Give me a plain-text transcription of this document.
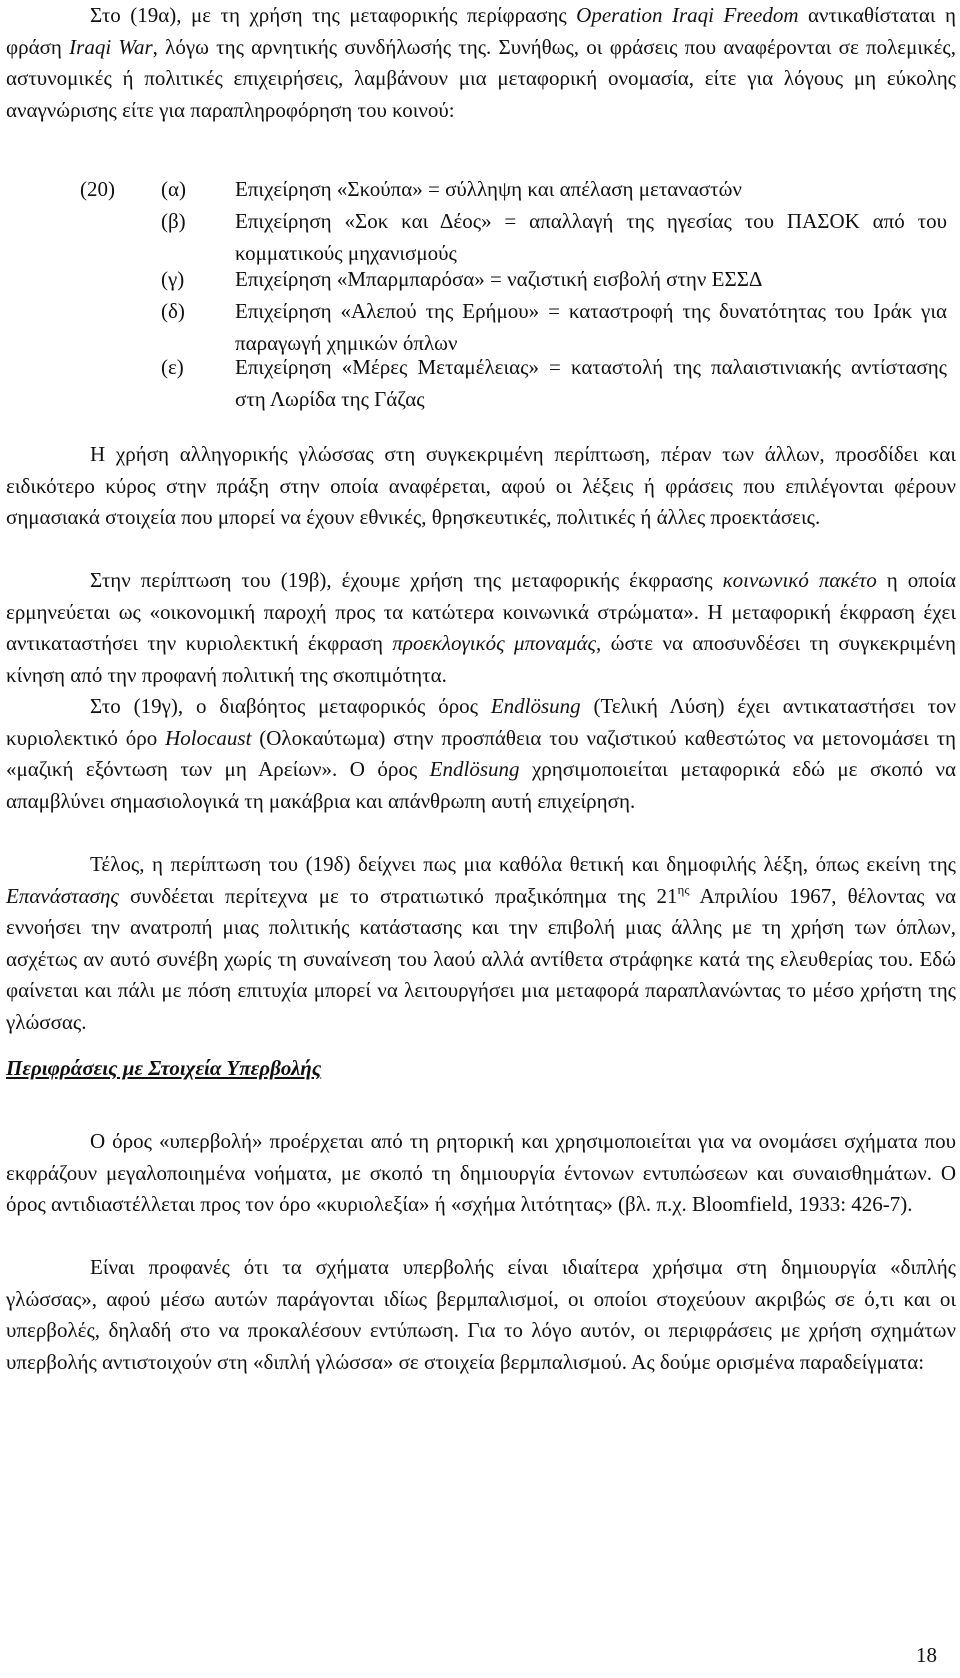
Στο (19α), με τη χρήση της μεταφορικής περίφρασης Operation Iraqi Freedom αντικαθίσταται η φράση Iraqi War, λόγω της αρνητικής συνδήλωσής της. Συνήθως, οι φράσεις που αναφέρονται σε πολεμικές, αστυνομικές ή πολιτικές επιχειρήσεις, λαμβάνουν μια μεταφορική ονομασία, είτε για λόγους μη εύκολης αναγνώρισης είτε για παραπληροφόρηση του κοινού:

(20) (α) Επιχείρηση «Σκούπα» = σύλληψη και απέλαση μεταναστών

(β) Επιχείρηση «Σοκ και Δέος» = απαλλαγή της ηγεσίας του ΠΑΣΟΚ από του κομματικούς μηχανισμούς

(γ) Επιχείρηση «Μπαρμπαρόσα» = ναζιστική εισβολή στην ΕΣΣΔ

(δ) Επιχείρηση «Αλεπού της Ερήμου» = καταστροφή της δυνατότητας του Ιράκ για παραγωγή χημικών όπλων

(ε) Επιχείρηση «Μέρες Μεταμέλειας» = καταστολή της παλαιστινιακής αντίστασης στη Λωρίδα της Γάζας

Η χρήση αλληγορικής γλώσσας στη συγκεκριμένη περίπτωση, πέραν των άλλων, προσδίδει και ειδικότερο κύρος στην πράξη στην οποία αναφέρεται, αφού οι λέξεις ή φράσεις που επιλέγονται φέρουν σημασιακά στοιχεία που μπορεί να έχουν εθνικές, θρησκευτικές, πολιτικές ή άλλες προεκτάσεις.

Στην περίπτωση του (19β), έχουμε χρήση της μεταφορικής έκφρασης κοινωνικό πακέτο η οποία ερμηνεύεται ως «οικονομική παροχή προς τα κατώτερα κοινωνικά στρώματα». Η μεταφορική έκφραση έχει αντικαταστήσει την κυριολεκτική έκφραση προεκλογικός μποναμάς, ώστε να αποσυνδέσει τη συγκεκριμένη κίνηση από την προφανή πολιτική της σκοπιμότητα.

Στο (19γ), ο διαβόητος μεταφορικός όρος Endlösung (Τελική Λύση) έχει αντικαταστήσει τον κυριολεκτικό όρο Holocaust (Ολοκαύτωμα) στην προσπάθεια του ναζιστικού καθεστώτος να μετονομάσει τη «μαζική εξόντωση των μη Αρείων». Ο όρος Endlösung χρησιμοποιείται μεταφορικά εδώ με σκοπό να απαμβλύνει σημασιολογικά τη μακάβρια και απάνθρωπη αυτή επιχείρηση.

Τέλος, η περίπτωση του (19δ) δείχνει πως μια καθόλα θετική και δημοφιλής λέξη, όπως εκείνη της Επανάστασης συνδέεται περίτεχνα με το στρατιωτικό πραξικόπημα της $21^{\eta\varsigma}$ Απριλίου 1967, θέλοντας να εννοήσει την ανατροπή μιας πολιτικής κατάστασης και την επιβολή μιας άλλης με τη χρήση των όπλων, ασχέτως αν αυτό συνέβη χωρίς τη συναίνεση του λαού αλλά αντίθετα στράφηκε κατά της ελευθερίας του. Εδώ φαίνεται και πάλι με πόση επιτυχία μπορεί να λειτουργήσει μια μεταφορά παραπλανώντας το μέσο χρήστη της γλώσσας.

Περιφράσεις με Στοιχεία Υπερβολής

Ο όρος «υπερβολή» προέρχεται από τη ρητορική και χρησιμοποιείται για να ονομάσει σχήματα που εκφράζουν μεγαλοποιημένα νοήματα, με σκοπό τη δημιουργία έντονων εντυπώσεων και συναισθημάτων. Ο όρος αντιδιαστέλλεται προς τον όρο «κυριολεξία» ή «σχήμα λιτότητας» (βλ. π.χ. Bloomfield, 1933: 426-7).

Είναι προφανές ότι τα σχήματα υπερβολής είναι ιδιαίτερα χρήσιμα στη δημιουργία «διπλής γλώσσας», αφού μέσω αυτών παράγονται ιδίως βερμπαλισμοί, οι οποίοι στοχεύουν ακριβώς σε ό,τι και οι υπερβολές, δηλαδή στο να προκαλέσουν εντύπωση. Για το λόγο αυτόν, οι περιφράσεις με χρήση σχημάτων υπερβολής αντιστοιχούν στη «διπλή γλώσσα» σε στοιχεία βερμπαλισμού. Ας δούμε ορισμένα παραδείγματα:

18
